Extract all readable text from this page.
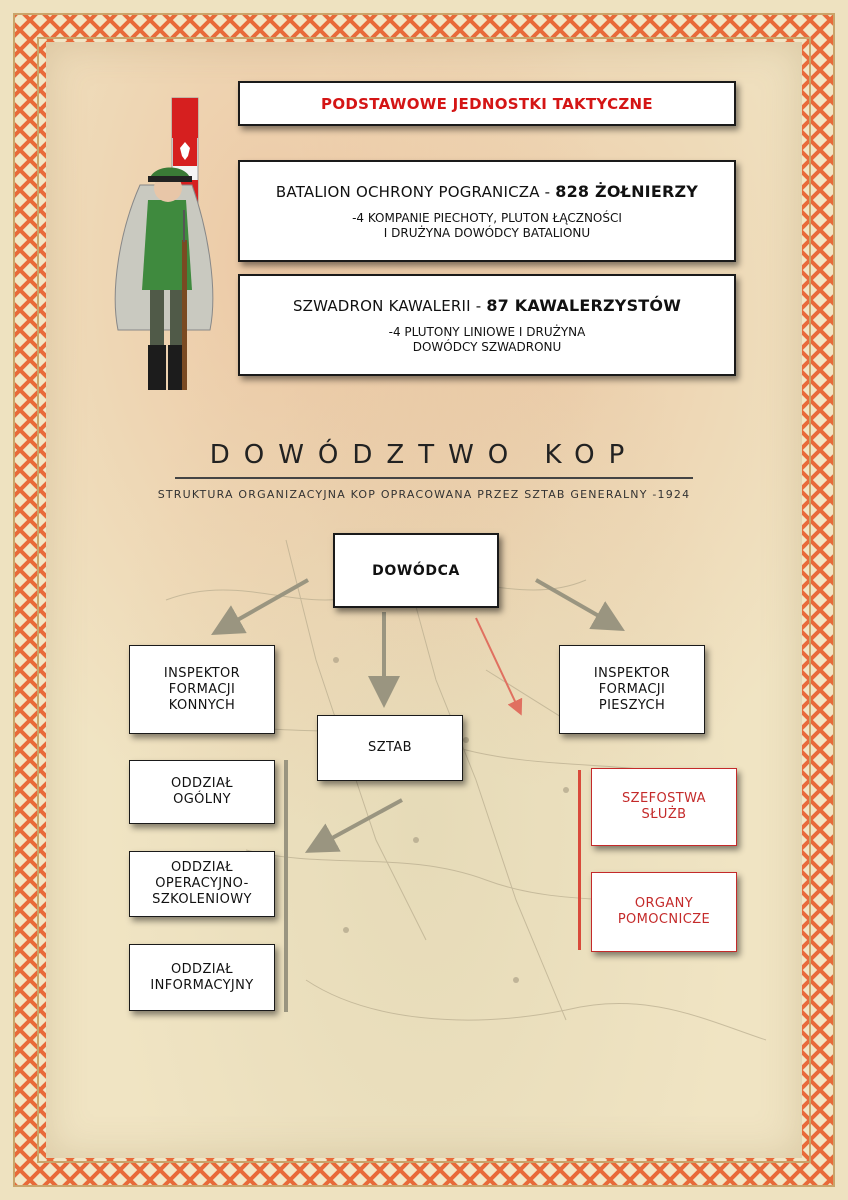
PODSTAWOWE JEDNOSTKI TAKTYCZNE
BATALION OCHRONY POGRANICZA - 828 ŻOŁNIERZY
-4 KOMPANIE PIECHOTY, PLUTON ŁĄCZNOŚCI
I DRUŻYNA DOWÓDCY BATALIONU
SZWADRON KAWALERII - 87 KAWALERZYSTÓW
-4 PLUTONY LINIOWE I DRUŻYNA
DOWÓDCY SZWADRONU
DOWÓDZTWO KOP
STRUKTURA ORGANIZACYJNA KOP OPRACOWANA PRZEZ SZTAB GENERALNY -1924
DOWÓDCA
INSPEKTOR
FORMACJI
KONNYCH
INSPEKTOR
FORMACJI
PIESZYCH
SZTAB
ODDZIAŁ
OGÓLNY
ODDZIAŁ
OPERACYJNO-
SZKOLENIOWY
ODDZIAŁ
INFORMACYJNY
SZEFOSTWA
SŁUŻB
ORGANY
POMOCNICZE
